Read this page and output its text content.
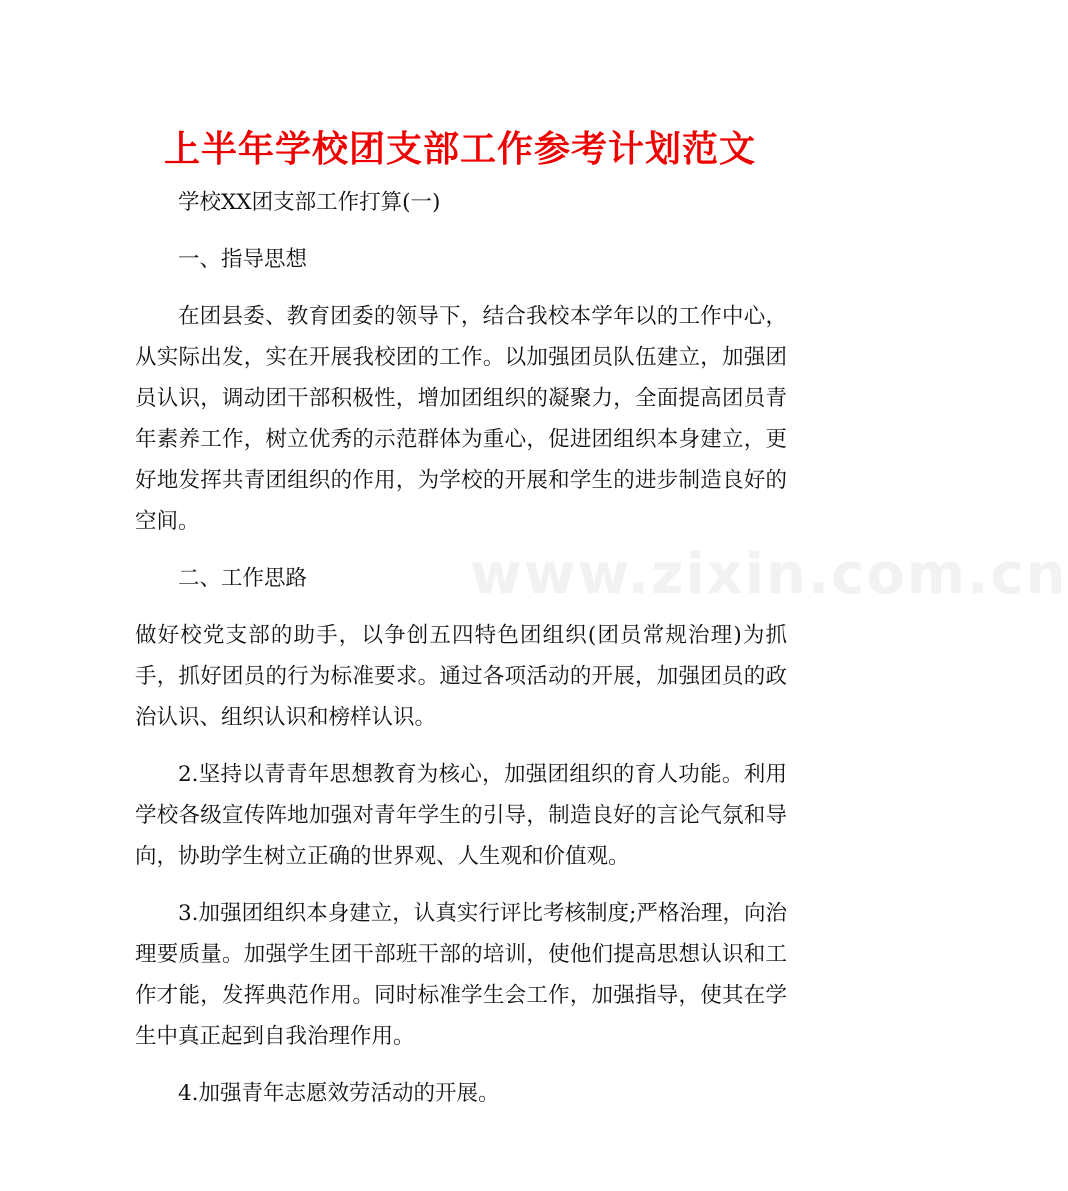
www.zixin.com.cn
上半年学校团支部工作参考计划范文

学校XX团支部工作打算(一)

一、指导思想

在团县委、教育团委的领导下，结合我校本学年以的工作中心，从实际出发，实在开展我校团的工作。以加强团员队伍建立，加强团员认识，调动团干部积极性，增加团组织的凝聚力，全面提高团员青年素养工作，树立优秀的示范群体为重心，促进团组织本身建立，更好地发挥共青团组织的作用，为学校的开展和学生的进步制造良好的空间。

二、工作思路

做好校党支部的助手，以争创五四特色团组织(团员常规治理)为抓手，抓好团员的行为标准要求。通过各项活动的开展，加强团员的政治认识、组织认识和榜样认识。

2.坚持以青青年思想教育为核心，加强团组织的育人功能。利用学校各级宣传阵地加强对青年学生的引导，制造良好的言论气氛和导向，协助学生树立正确的世界观、人生观和价值观。

3.加强团组织本身建立，认真实行评比考核制度;严格治理，向治理要质量。加强学生团干部班干部的培训，使他们提高思想认识和工作才能，发挥典范作用。同时标准学生会工作，加强指导，使其在学生中真正起到自我治理作用。

4.加强青年志愿效劳活动的开展。
